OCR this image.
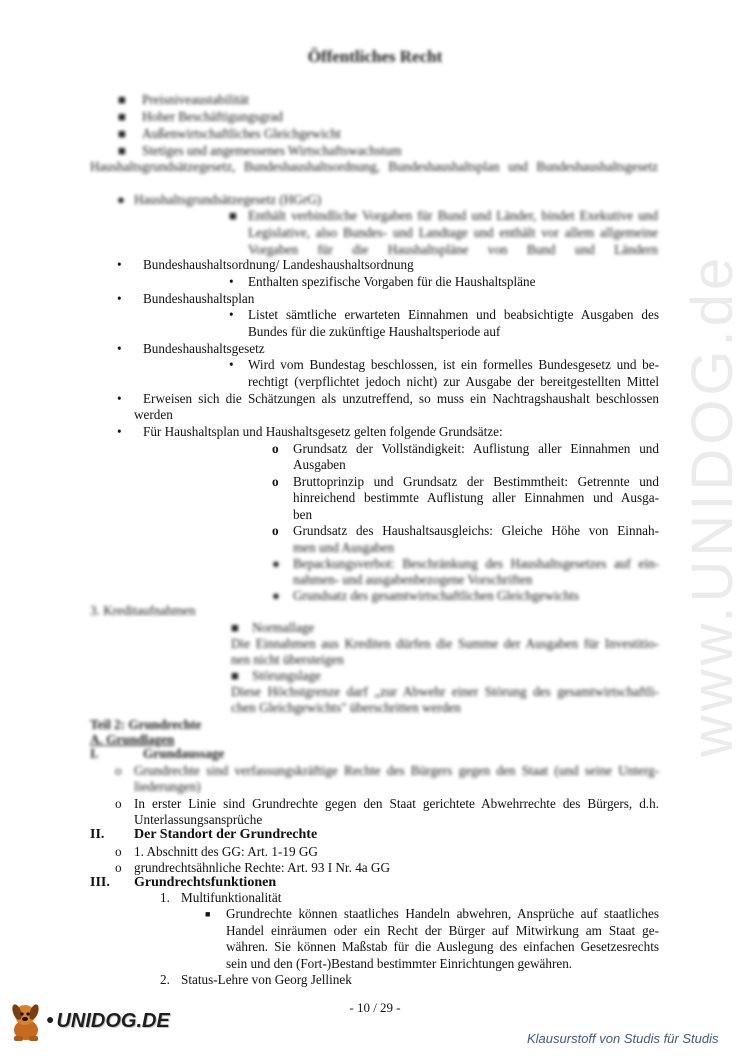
www.UNIDOG.de
Öffentliches Recht
■ Preisniveaustabilität
■ Hoher Beschäftigungsgrad
■ Außenwirtschaftliches Gleichgewicht
■ Stetiges und angemessenes Wirtschaftswachstum
Haushaltsgrundsätzegesetz, Bundeshaushaltsordnung, Bundeshaushaltsplan und Bundeshaushaltsgesetz
● Haushaltsgrundsätzegesetz (HGrG)
■ Enthält verbindliche Vorgaben für Bund und Länder, bindet Exekutive und Legislative, also Bundes- und Landtage und enthält vor allem allgemeine Vorgaben für die Haushaltspläne von Bund und Ländern
• Bundeshaushaltsordnung/ Landeshaushaltsordnung
• Enthalten spezifische Vorgaben für die Haushaltspläne
• Bundeshaushaltsplan
• Listet sämtliche erwarteten Einnahmen und beabsichtigte Ausgaben des
Bundes für die zukünftige Haushaltsperiode auf
• Bundeshaushaltsgesetz
• Wird vom Bundestag beschlossen, ist ein formelles Bundesgesetz und be-
rechtigt (verpflichtet jedoch nicht) zur Ausgabe der bereitgestellten Mittel
• Erweisen sich die Schätzungen als unzutreffend, so muss ein Nachtragshaushalt beschlossen
werden
• Für Haushaltsplan und Haushaltsgesetz gelten folgende Grundsätze:
o Grundsatz der Vollständigkeit: Auflistung aller Einnahmen und
Ausgaben
o Bruttoprinzip und Grundsatz der Bestimmtheit: Getrennte und
hinreichend bestimmte Auflistung aller Einnahmen und Ausga-
ben
o Grundsatz des Haushaltsausgleichs: Gleiche Höhe von Einnah-
men und Ausgaben
● Bepackungsverbot: Beschränkung des Haushaltsgesetzes auf ein-
nahmen- und ausgabenbezogene Vorschriften
● Grundsatz des gesamtwirtschaftlichen Gleichgewichts
3. Kreditaufnahmen
■ Normallage
Die Einnahmen aus Krediten dürfen die Summe der Ausgaben für Investitio-
nen nicht übersteigen
■ Störungslage
Diese Höchstgrenze darf „zur Abwehr einer Störung des gesamtwirtschaftli-
chen Gleichgewichts" überschritten werden
Teil 2: Grundrechte
A. Grundlagen
I.	Grundaussage
o Grundrechte sind verfassungskräftige Rechte des Bürgers gegen den Staat (und seine Unterg-
liederungen)
o In erster Linie sind Grundrechte gegen den Staat gerichtete Abwehrrechte des Bürgers, d.h.
Unterlassungsansprüche
II. Der Standort der Grundrechte
o 1. Abschnitt des GG: Art. 1-19 GG
o grundrechtsähnliche Rechte: Art. 93 I Nr. 4a GG
III. Grundrechtsfunktionen
1. Multifunktionalität
■ Grundrechte können staatliches Handeln abwehren, Ansprüche auf staatliches
Handel einräumen oder ein Recht der Bürger auf Mitwirkung am Staat ge-
währen. Sie können Maßstab für die Auslegung des einfachen Gesetzesrechts
sein und den (Fort-)Bestand bestimmter Einrichtungen gewähren.
2. Status-Lehre von Georg Jellinek
- 10 / 29 -
● UNIDOG.DE
Klausurstoff von Studis für Studis
